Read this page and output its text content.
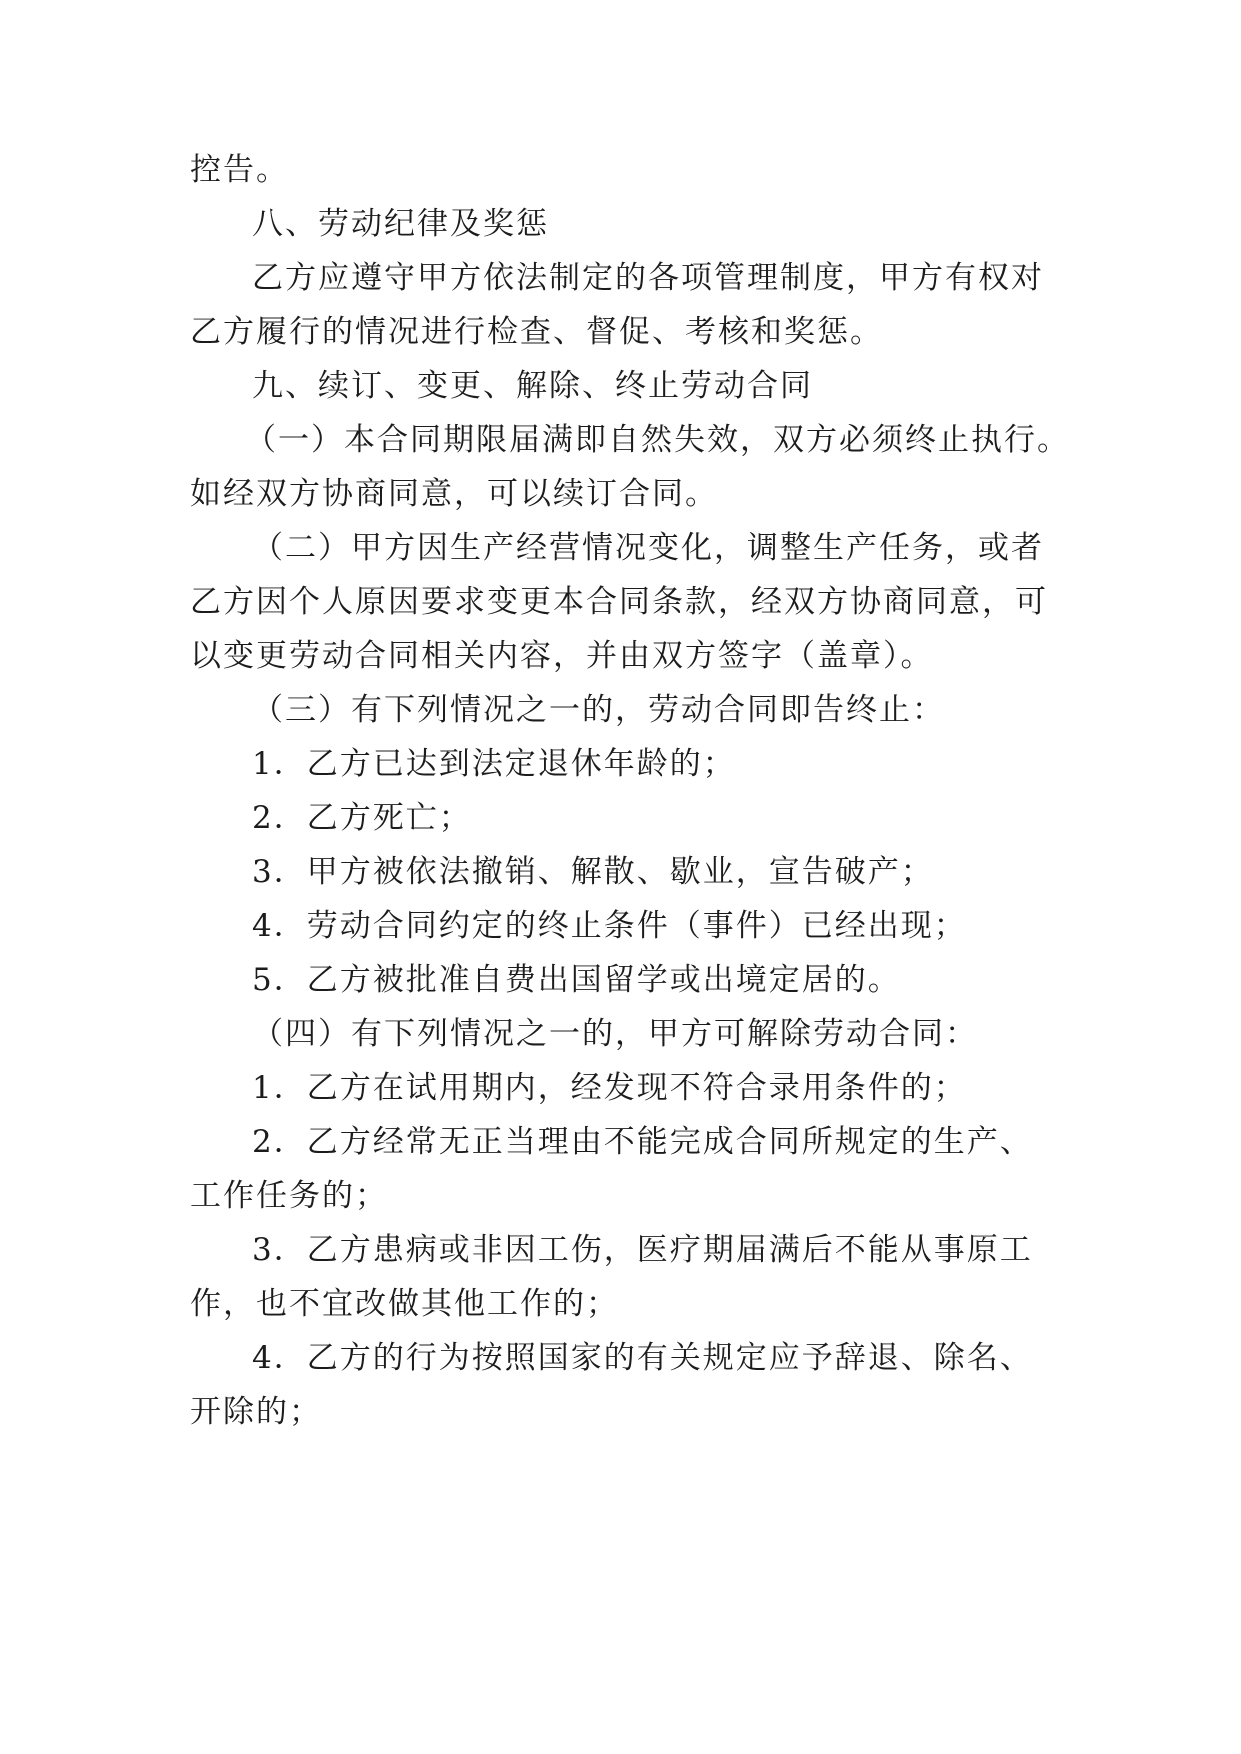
控告。
八、劳动纪律及奖惩
乙方应遵守甲方依法制定的各项管理制度，甲方有权对
乙方履行的情况进行检查、督促、考核和奖惩。
九、续订、变更、解除、终止劳动合同
（一）本合同期限届满即自然失效，双方必须终止执行。
如经双方协商同意，可以续订合同。
（二）甲方因生产经营情况变化，调整生产任务，或者
乙方因个人原因要求变更本合同条款，经双方协商同意，可
以变更劳动合同相关内容，并由双方签字（盖章）。
（三）有下列情况之一的，劳动合同即告终止：
1．乙方已达到法定退休年龄的；
2．乙方死亡；
3．甲方被依法撤销、解散、歇业，宣告破产；
4．劳动合同约定的终止条件（事件）已经出现；
5．乙方被批准自费出国留学或出境定居的。
（四）有下列情况之一的，甲方可解除劳动合同：
1．乙方在试用期内，经发现不符合录用条件的；
2．乙方经常无正当理由不能完成合同所规定的生产、
工作任务的；
3．乙方患病或非因工伤，医疗期届满后不能从事原工
作，也不宜改做其他工作的；
4．乙方的行为按照国家的有关规定应予辞退、除名、
开除的；
